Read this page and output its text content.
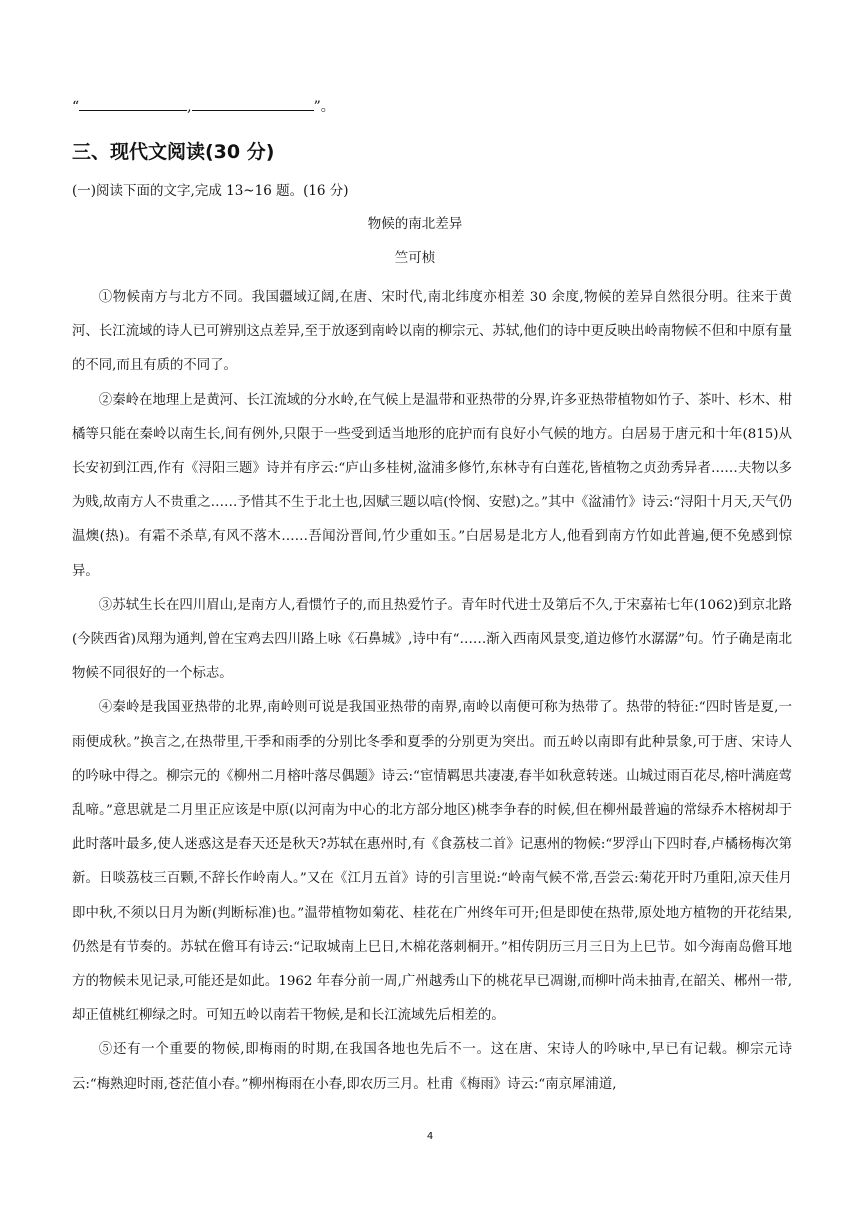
“	,	”。
三、现代文阅读(30 分)
(一)阅读下面的文字,完成 13~16 题。(16 分)
物候的南北差异
竺可桢

①物候南方与北方不同。我国疆域辽阔,在唐、宋时代,南北纬度亦相差 30 余度,物候的差异自然很分明。往来于黄河、长江流域的诗人已可辨别这点差异,至于放逐到南岭以南的柳宗元、苏轼,他们的诗中更反映出岭南物候不但和中原有量的不同,而且有质的不同了。

②秦岭在地理上是黄河、长江流域的分水岭,在气候上是温带和亚热带的分界,许多亚热带植物如竹子、茶叶、杉木、柑橘等只能在秦岭以南生长,间有例外,只限于一些受到适当地形的庇护而有良好小气候的地方。白居易于唐元和十年(815)从长安初到江西,作有《浔阳三题》诗并有序云:“庐山多桂树,湓浦多修竹,东林寺有白莲花,皆植物之贞劲秀异者……夫物以多为贱,故南方人不贵重之……予惜其不生于北土也,因赋三题以唁(怜悯、安慰)之。”其中《湓浦竹》诗云:“浔阳十月天,天气仍温燠(热)。有霜不杀草,有风不落木……吾闻汾晋间,竹少重如玉。”白居易是北方人,他看到南方竹如此普遍,便不免感到惊异。

③苏轼生长在四川眉山,是南方人,看惯竹子的,而且热爱竹子。青年时代进士及第后不久,于宋嘉祐七年(1062)到京北路(今陕西省)凤翔为通判,曾在宝鸡去四川路上咏《石鼻城》,诗中有“……渐入西南风景变,道边修竹水潺潺”句。竹子确是南北物候不同很好的一个标志。

④秦岭是我国亚热带的北界,南岭则可说是我国亚热带的南界,南岭以南便可称为热带了。热带的特征:“四时皆是夏,一雨便成秋。”换言之,在热带里,干季和雨季的分别比冬季和夏季的分别更为突出。而五岭以南即有此种景象,可于唐、宋诗人的吟咏中得之。柳宗元的《柳州二月榕叶落尽偶题》诗云:“宦情羁思共凄凄,春半如秋意转迷。山城过雨百花尽,榕叶满庭莺乱啼。”意思就是二月里正应该是中原(以河南为中心的北方部分地区)桃李争春的时候,但在柳州最普遍的常绿乔木榕树却于此时落叶最多,使人迷惑这是春天还是秋天?苏轼在惠州时,有《食荔枝二首》记惠州的物候:“罗浮山下四时春,卢橘杨梅次第新。日啖荔枝三百颗,不辞长作岭南人。”又在《江月五首》诗的引言里说:“岭南气候不常,吾尝云:菊花开时乃重阳,凉天佳月即中秋,不须以日月为断(判断标准)也。”温带植物如菊花、桂花在广州终年可开;但是即使在热带,原处地方植物的开花结果,仍然是有节奏的。苏轼在儋耳有诗云:“记取城南上巳日,木棉花落刺桐开。”相传阴历三月三日为上巳节。如今海南岛儋耳地方的物候未见记录,可能还是如此。1962 年春分前一周,广州越秀山下的桃花早已凋谢,而柳叶尚未抽青,在韶关、郴州一带,却正值桃红柳绿之时。可知五岭以南若干物候,是和长江流域先后相差的。

⑤还有一个重要的物候,即梅雨的时期,在我国各地也先后不一。这在唐、宋诗人的吟咏中,早已有记载。柳宗元诗云:“梅熟迎时雨,苍茫值小春。”柳州梅雨在小春,即农历三月。杜甫《梅雨》诗云:“南京犀浦道,

4
